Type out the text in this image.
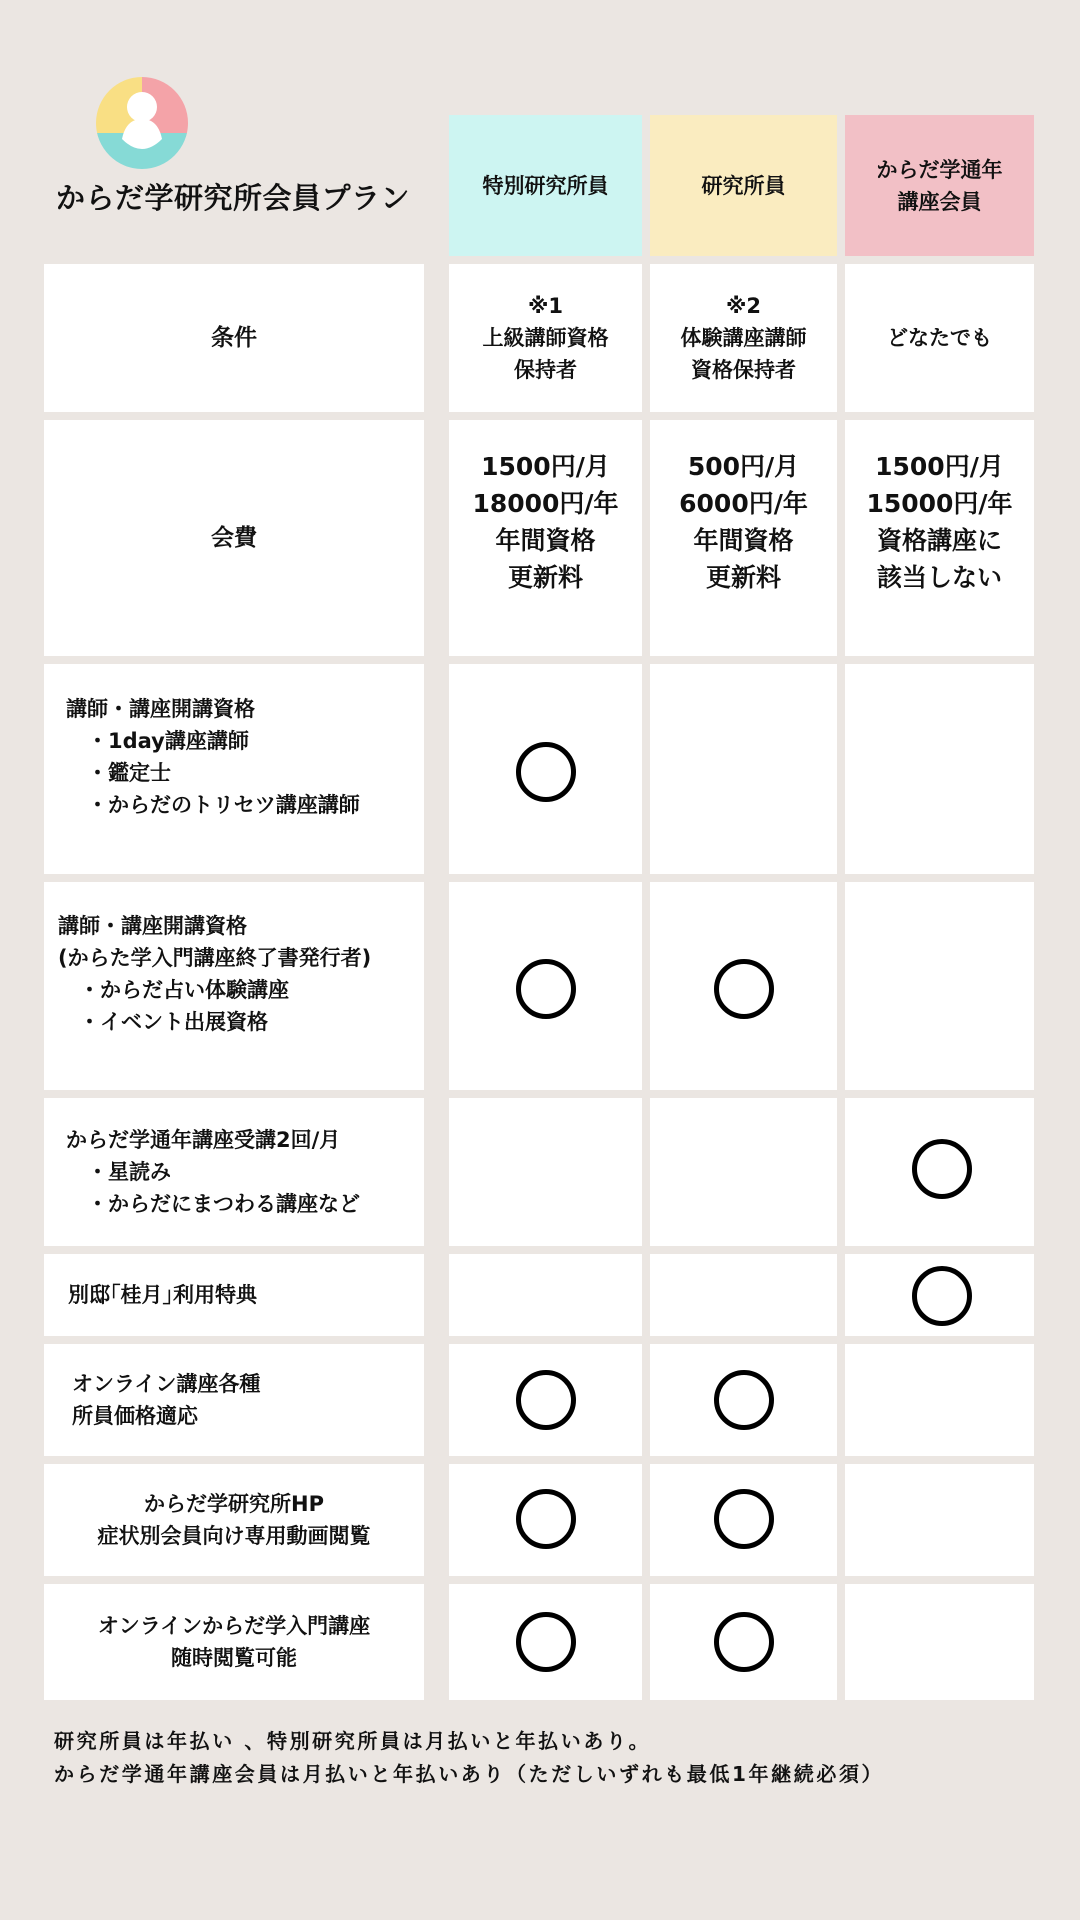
からだ学研究所会員プラン	特別研究所員	研究所員
からだ学通年
講座会員
条件
※1
上級講師資格
保持者
※2
体験講座講師
資格保持者
どなたでも
会費
1500円/月
18000円/年
年間資格
更新料
500円/月
6000円/年
年間資格
更新料
1500円/月
15000円/年
資格講座に
該当しない
講師・講座開講資格
　・1day講座講師
　・鑑定士
　・からだのトリセツ講座講師
講師・講座開講資格
(からた学入門講座終了書発行者)
　・からだ占い体験講座
　・イベント出展資格
からだ学通年講座受講2回/月
　・星読み
　・からだにまつわる講座など
別邸｢桂月｣利用特典
オンライン講座各種
所員価格適応
からだ学研究所HP
症状別会員向け専用動画閲覧
オンラインからだ学入門講座
随時閲覧可能
研究所員は年払い 、特別研究所員は月払いと年払いあり。
からだ学通年講座会員は月払いと年払いあり（ただしいずれも最低1年継続必須）
